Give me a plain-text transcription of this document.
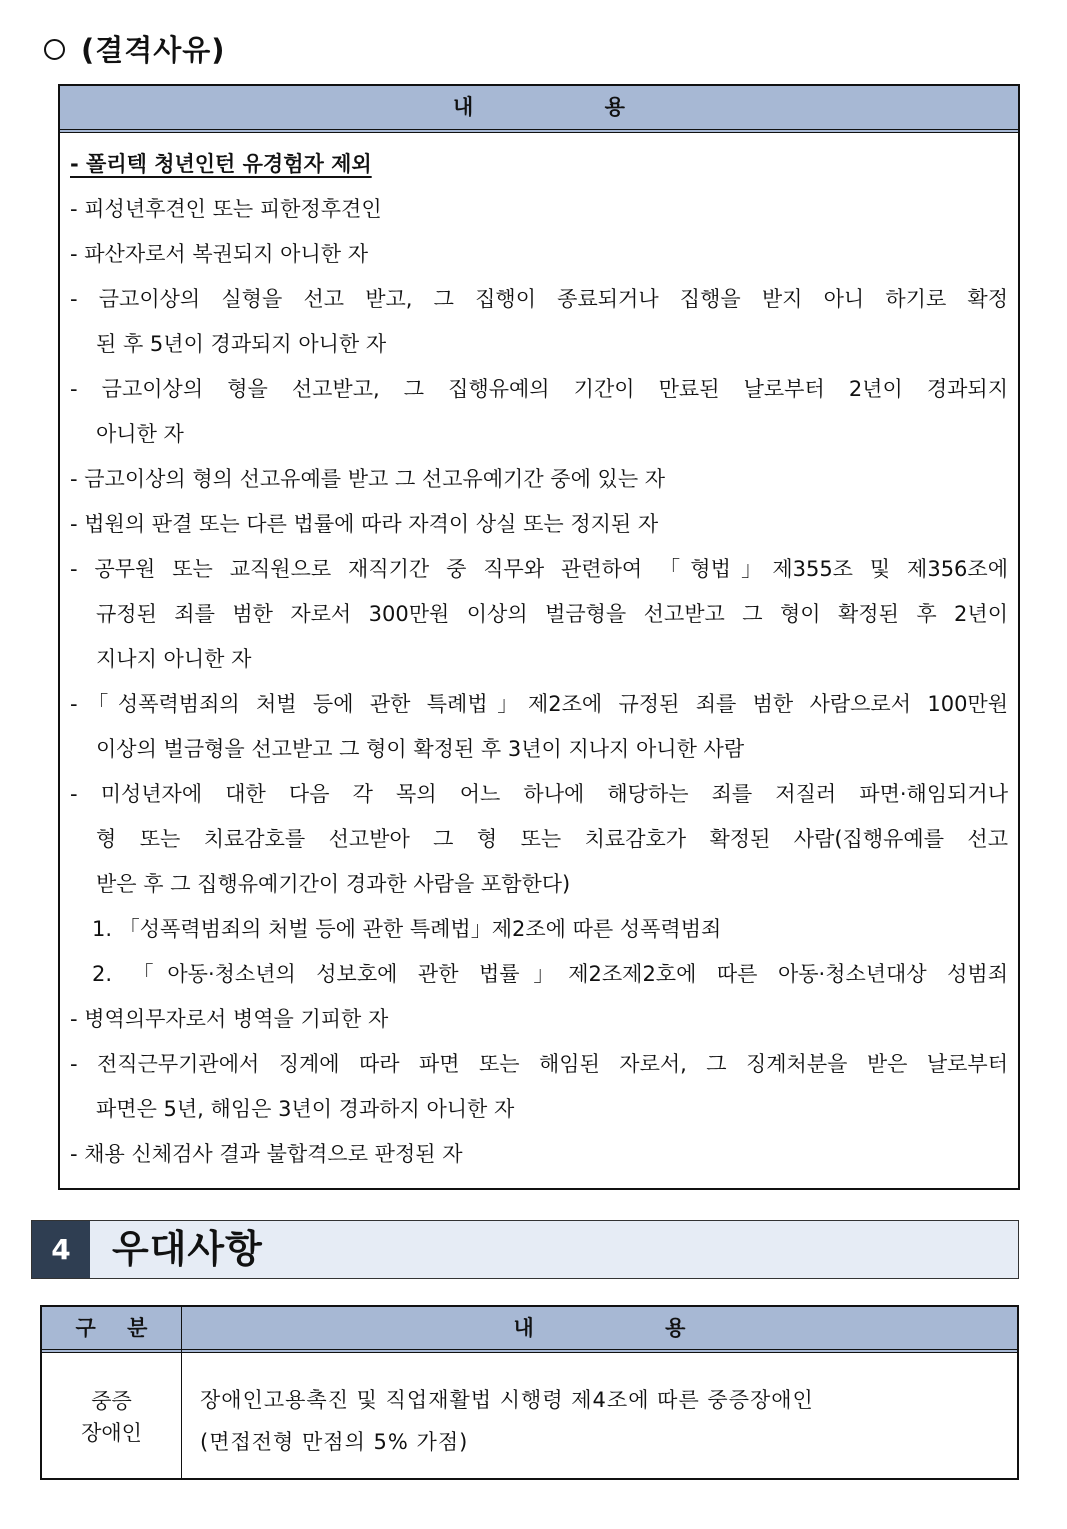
(결격사유)
내 용
- 폴리텍 청년인턴 유경험자 제외
- 피성년후견인 또는 피한정후견인
- 파산자로서 복권되지 아니한 자
- 금고이상의 실형을 선고 받고, 그 집행이 종료되거나 집행을 받지 아니 하기로 확정
된 후 5년이 경과되지 아니한 자
- 금고이상의 형을 선고받고, 그 집행유예의 기간이 만료된 날로부터 2년이 경과되지
아니한 자
- 금고이상의 형의 선고유예를 받고 그 선고유예기간 중에 있는 자
- 법원의 판결 또는 다른 법률에 따라 자격이 상실 또는 정지된 자
- 공무원 또는 교직원으로 재직기간 중 직무와 관련하여 「형법」제355조 및 제356조에
규정된 죄를 범한 자로서 300만원 이상의 벌금형을 선고받고 그 형이 확정된 후 2년이
지나지 아니한 자
-「성폭력범죄의 처벌 등에 관한 특례법」제2조에 규정된 죄를 범한 사람으로서 100만원
이상의 벌금형을 선고받고 그 형이 확정된 후 3년이 지나지 아니한 사람
- 미성년자에 대한 다음 각 목의 어느 하나에 해당하는 죄를 저질러 파면·해임되거나
형 또는 치료감호를 선고받아 그 형 또는 치료감호가 확정된 사람(집행유예를 선고
받은 후 그 집행유예기간이 경과한 사람을 포함한다)
1. 「성폭력범죄의 처벌 등에 관한 특례법」제2조에 따른 성폭력범죄
2. 「아동·청소년의 성보호에 관한 법률」제2조제2호에 따른 아동·청소년대상 성범죄
- 병역의무자로서 병역을 기피한 자
- 전직근무기관에서 징계에 따라 파면 또는 해임된 자로서, 그 징계처분을 받은 날로부터
파면은 5년, 해임은 3년이 경과하지 아니한 자
- 채용 신체검사 결과 불합격으로 판정된 자
4	우대사항
구 분	내 용
중증
장애인
장애인고용촉진 및 직업재활법 시행령 제4조에 따른 중증장애인
(면접전형 만점의 5% 가점)
